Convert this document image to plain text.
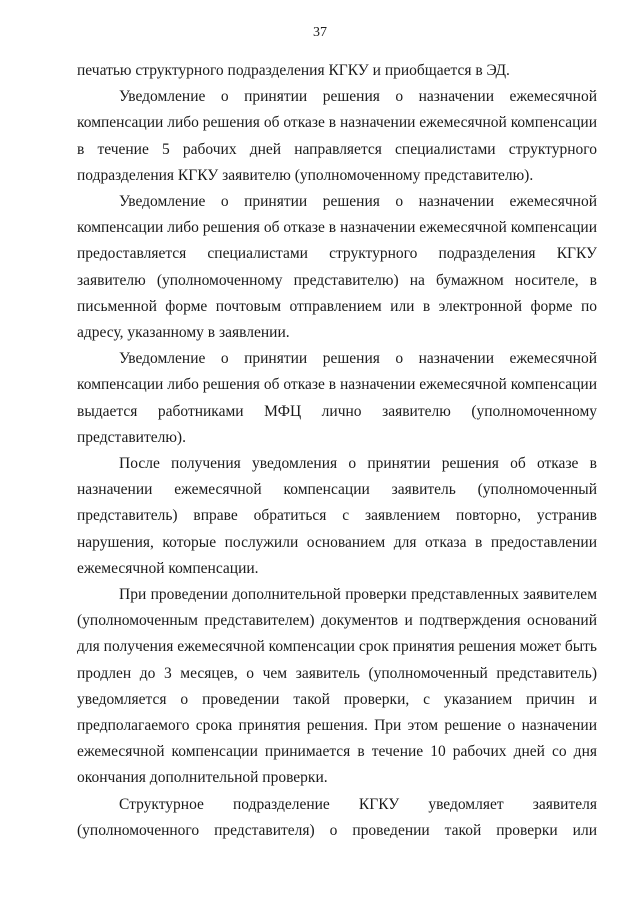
37

печатью структурного подразделения КГКУ и приобщается в ЭД.

Уведомление о принятии решения о назначении ежемесячной компенсации либо решения об отказе в назначении ежемесячной компенсации в течение 5 рабочих дней направляется специалистами структурного подразделения КГКУ заявителю (уполномоченному представителю).

Уведомление о принятии решения о назначении ежемесячной компенсации либо решения об отказе в назначении ежемесячной компенсации предоставляется специалистами структурного подразделения КГКУ заявителю (уполномоченному представителю) на бумажном носителе, в письменной форме почтовым отправлением или в электронной форме по адресу, указанному в заявлении.

Уведомление о принятии решения о назначении ежемесячной компенсации либо решения об отказе в назначении ежемесячной компенсации выдается работниками МФЦ лично заявителю (уполномоченному представителю).

После получения уведомления о принятии решения об отказе в назначении ежемесячной компенсации заявитель (уполномоченный представитель) вправе обратиться с заявлением повторно, устранив нарушения, которые послужили основанием для отказа в предоставлении ежемесячной компенсации.

При проведении дополнительной проверки представленных заявителем (уполномоченным представителем) документов и подтверждения оснований для получения ежемесячной компенсации срок принятия решения может быть продлен до 3 месяцев, о чем заявитель (уполномоченный представитель) уведомляется о проведении такой проверки, с указанием причин и предполагаемого срока принятия решения. При этом решение о назначении ежемесячной компенсации принимается в течение 10 рабочих дней со дня окончания дополнительной проверки.

Структурное подразделение КГКУ уведомляет заявителя (уполномоченного представителя) о проведении такой проверки или
